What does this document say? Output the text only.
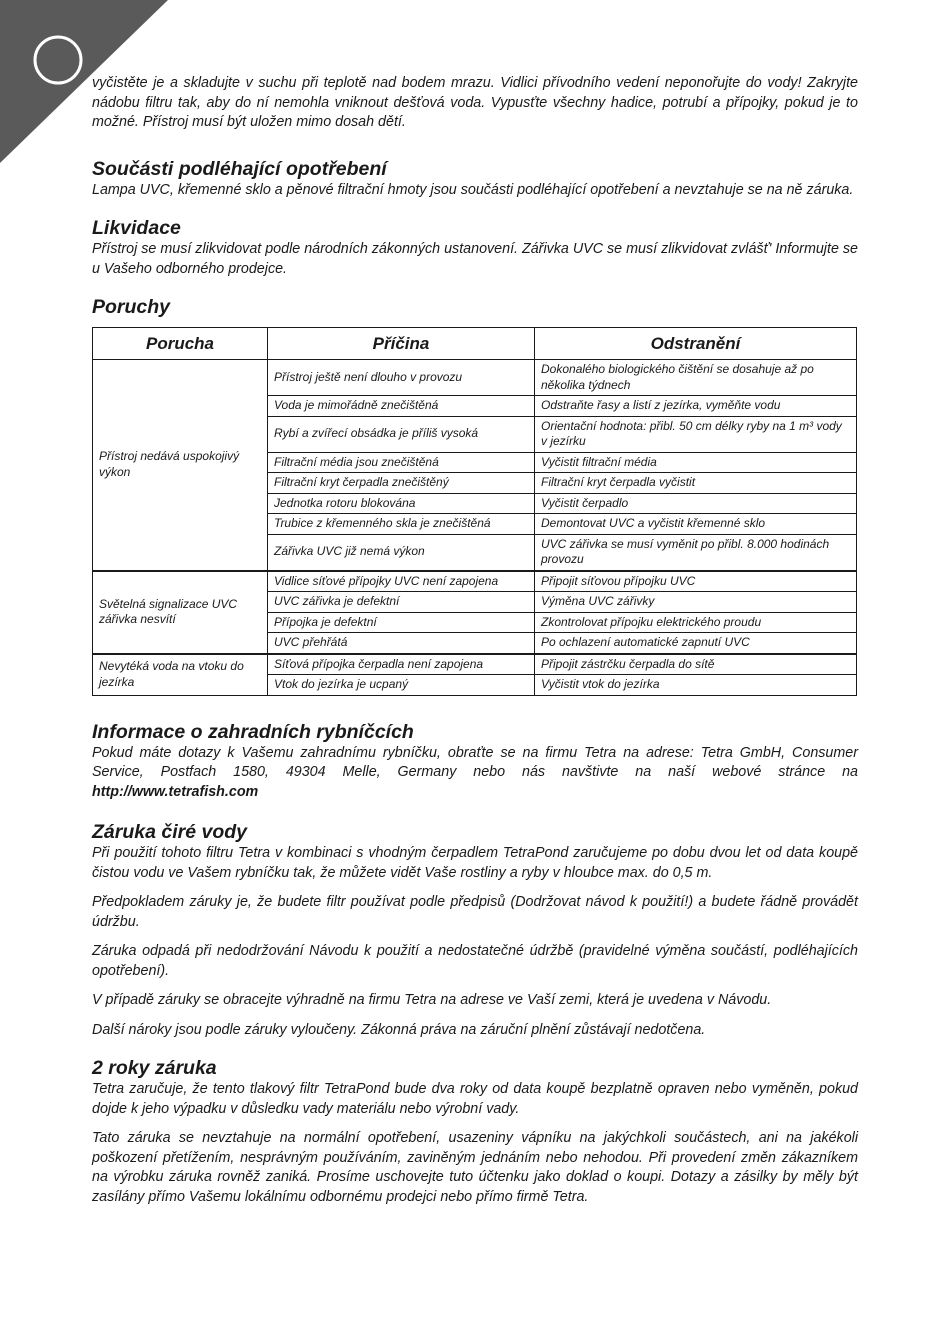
vyčistěte je a skladujte v suchu při teplotě nad bodem mrazu. Vidlici přívodního vedení neponořujte do vody! Zakryjte nádobu filtru tak, aby do ní nemohla vniknout dešťová voda. Vypusťte všechny hadice, potrubí a přípojky, pokud je to možné. Přístroj musí být uložen mimo dosah dětí.

Součásti podléhající opotřebení

Lampa UVC, křemenné sklo a pěnové filtrační hmoty jsou součásti podléhající opotřebení a nevztahuje se na ně záruka.

Likvidace

Přístroj se musí zlikvidovat podle národních zákonných ustanovení. Zářivka UVC se musí zlikvidovat zvlášť' Informujte se u Vašeho odborného prodejce.

Poruchy
Porucha	Příčina	Odstranění
Přístroj nedává uspokojivý výkon	Přístroj ještě není dlouho v provozu	Dokonalého biologického čištění se dosahuje až po několika týdnech
	Voda je mimořádně znečištěná	Odstraňte řasy a listí z jezírka, vyměňte vodu
	Rybí a zvířecí obsádka je příliš vysoká	Orientační hodnota: přibl. 50 cm délky ryby na 1 m³ vody v jezírku
	Filtrační média jsou znečištěná	Vyčistit filtrační média
	Filtrační kryt čerpadla znečištěný	Filtrační kryt čerpadla vyčistit
	Jednotka rotoru blokována	Vyčistit čerpadlo
	Trubice z křemenného skla je znečištěná	Demontovat UVC a vyčistit křemenné sklo
	Zářivka UVC již nemá výkon	UVC zářivka se musí vyměnit po přibl. 8.000 hodinách provozu
Světelná signalizace UVC zářivka nesvítí	Vidlice síťové přípojky UVC není zapojena	Připojit síťovou přípojku UVC
	UVC zářivka je defektní	Výměna UVC zářivky
	Přípojka je defektní	Zkontrolovat přípojku elektrického proudu
	UVC přehřátá	Po ochlazení automatické zapnutí UVC
Nevytéká voda na vtoku do jezírka	Síťová přípojka čerpadla není zapojena	Připojit zástrčku čerpadla do sítě
	Vtok do jezírka je ucpaný	Vyčistit vtok do jezírka
Informace o zahradních rybníčcích

Pokud máte dotazy k Vašemu zahradnímu rybníčku, obraťte se na firmu Tetra na adrese: Tetra GmbH, Consumer Service, Postfach 1580, 49304 Melle, Germany nebo nás navštivte na naší webové stránce na http://www.tetrafish.com

Záruka čiré vody

Při použití tohoto filtru Tetra v kombinaci s vhodným čerpadlem TetraPond zaručujeme po dobu dvou let od data koupě čistou vodu ve Vašem rybníčku tak, že můžete vidět Vaše rostliny a ryby v hloubce max. do 0,5 m.

Předpokladem záruky je, že budete filtr používat podle předpisů (Dodržovat návod k použití!) a budete řádně provádět údržbu.

Záruka odpadá při nedodržování Návodu k použití a nedostatečné údržbě (pravidelné výměna součástí, podléhajících opotřebení).

V případě záruky se obracejte výhradně na firmu Tetra na adrese ve Vaší zemi, která je uvedena v Návodu.

Další nároky jsou podle záruky vyloučeny. Zákonná práva na záruční plnění zůstávají nedotčena.

2 roky záruka

Tetra zaručuje, že tento tlakový filtr TetraPond bude dva roky od data koupě bezplatně opraven nebo vyměněn, pokud dojde k jeho výpadku v důsledku vady materiálu nebo výrobní vady.

Tato záruka se nevztahuje na normální opotřebení, usazeniny vápníku na jakýchkoli součástech, ani na jakékoli poškození přetížením, nesprávným používáním, zaviněným jednáním nebo nehodou. Při provedení změn zákazníkem na výrobku záruka rovněž zaniká. Prosíme uschovejte tuto účtenku jako doklad o koupi. Dotazy a zásilky by měly být zasílány přímo Vašemu lokálnímu odbornému prodejci nebo přímo firmě Tetra.
